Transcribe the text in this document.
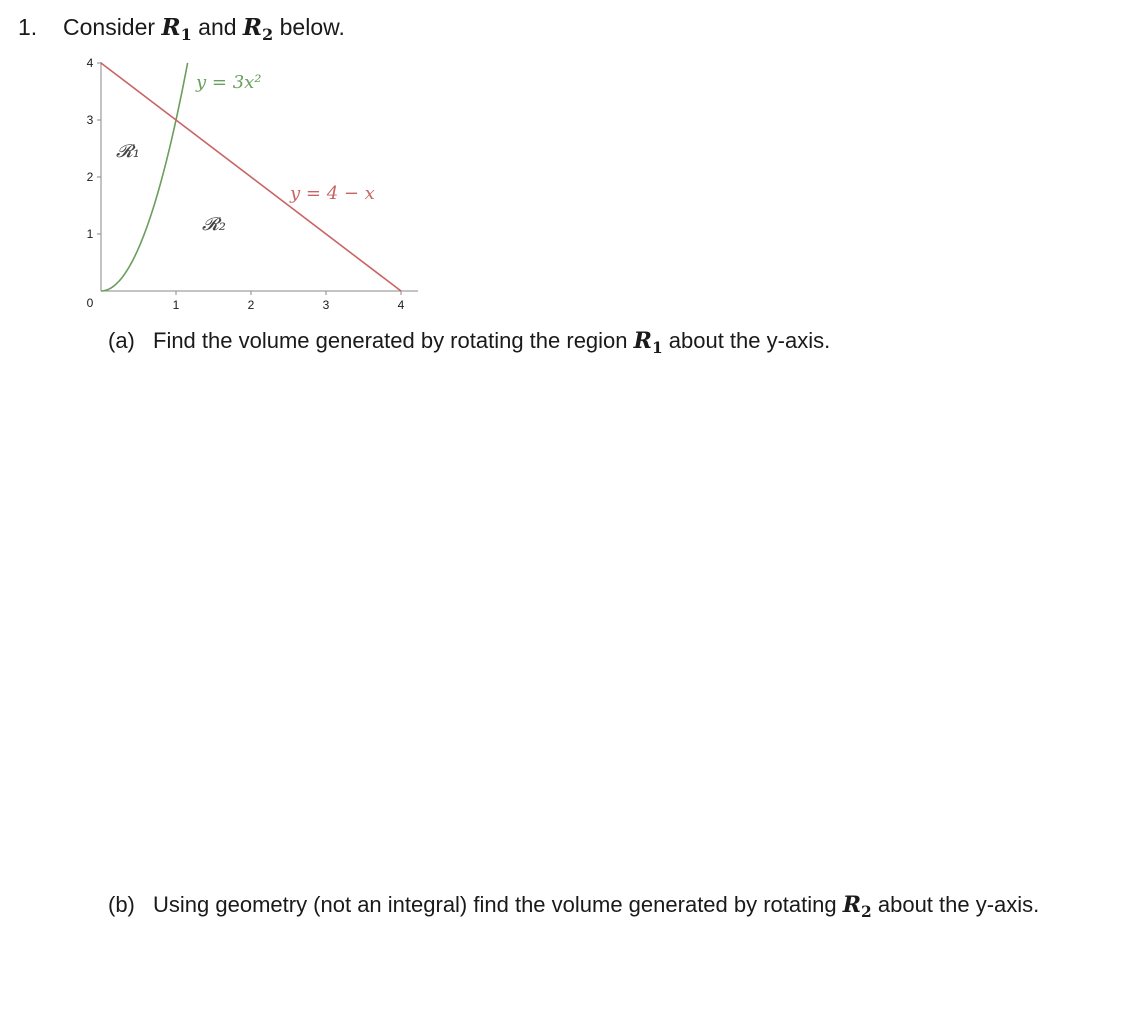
1. Consider $R_1$ and $R_2$ below.
1	2	3	4
0
1
2
3
4
y = 3x²
y = 4 − x
𝓡₁
𝓡₂
(a) Find the volume generated by rotating the region $R_1$ about the y-axis.
(b) Using geometry (not an integral) find the volume generated by rotating $R_2$ about the y-axis.
